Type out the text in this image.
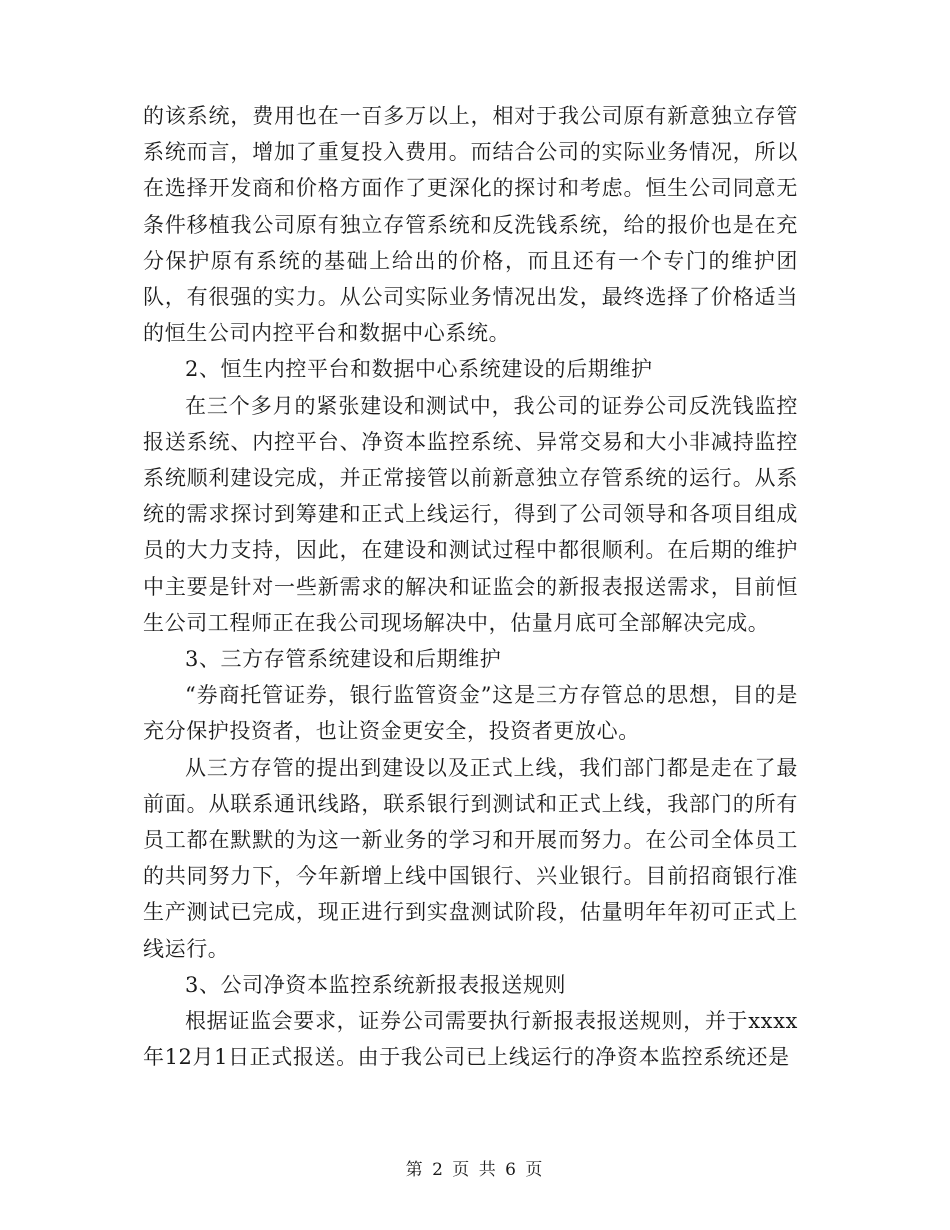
的该系统，费用也在一百多万以上，相对于我公司原有新意独立存管系统而言，增加了重复投入费用。而结合公司的实际业务情况，所以在选择开发商和价格方面作了更深化的探讨和考虑。恒生公司同意无条件移植我公司原有独立存管系统和反洗钱系统，给的报价也是在充分保护原有系统的基础上给出的价格，而且还有一个专门的维护团队，有很强的实力。从公司实际业务情况出发，最终选择了价格适当的恒生公司内控平台和数据中心系统。

2、恒生内控平台和数据中心系统建设的后期维护

在三个多月的紧张建设和测试中，我公司的证券公司反洗钱监控报送系统、内控平台、净资本监控系统、异常交易和大小非减持监控系统顺利建设完成，并正常接管以前新意独立存管系统的运行。从系统的需求探讨到筹建和正式上线运行，得到了公司领导和各项目组成员的大力支持，因此，在建设和测试过程中都很顺利。在后期的维护中主要是针对一些新需求的解决和证监会的新报表报送需求，目前恒生公司工程师正在我公司现场解决中，估量月底可全部解决完成。

3、三方存管系统建设和后期维护

“券商托管证券，银行监管资金”这是三方存管总的思想，目的是充分保护投资者，也让资金更安全，投资者更放心。

从三方存管的提出到建设以及正式上线，我们部门都是走在了最前面。从联系通讯线路，联系银行到测试和正式上线，我部门的所有员工都在默默的为这一新业务的学习和开展而努力。在公司全体员工的共同努力下，今年新增上线中国银行、兴业银行。目前招商银行准生产测试已完成，现正进行到实盘测试阶段，估量明年年初可正式上线运行。

3、公司净资本监控系统新报表报送规则

根据证监会要求，证券公司需要执行新报表报送规则，并于xxxx年12月1日正式报送。由于我公司已上线运行的净资本监控系统还是

第 2 页 共 6 页
